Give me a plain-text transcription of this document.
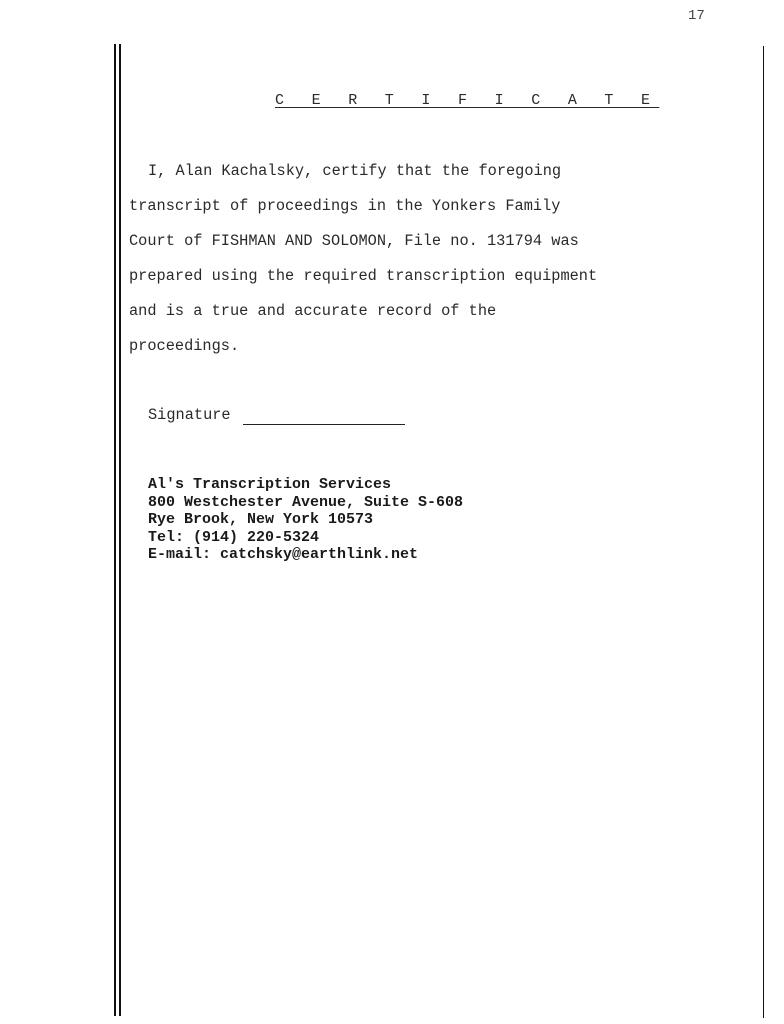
17
C E R T I F I C A T E
I, Alan Kachalsky, certify that the foregoing
transcript of proceedings in the Yonkers Family
Court of FISHMAN AND SOLOMON, File no. 131794 was
prepared using the required transcription equipment
and is a true and accurate record of the
proceedings.
Signature
Al's Transcription Services
800 Westchester Avenue, Suite S-608
Rye Brook, New York 10573
Tel: (914) 220-5324
E-mail: catchsky@earthlink.net
